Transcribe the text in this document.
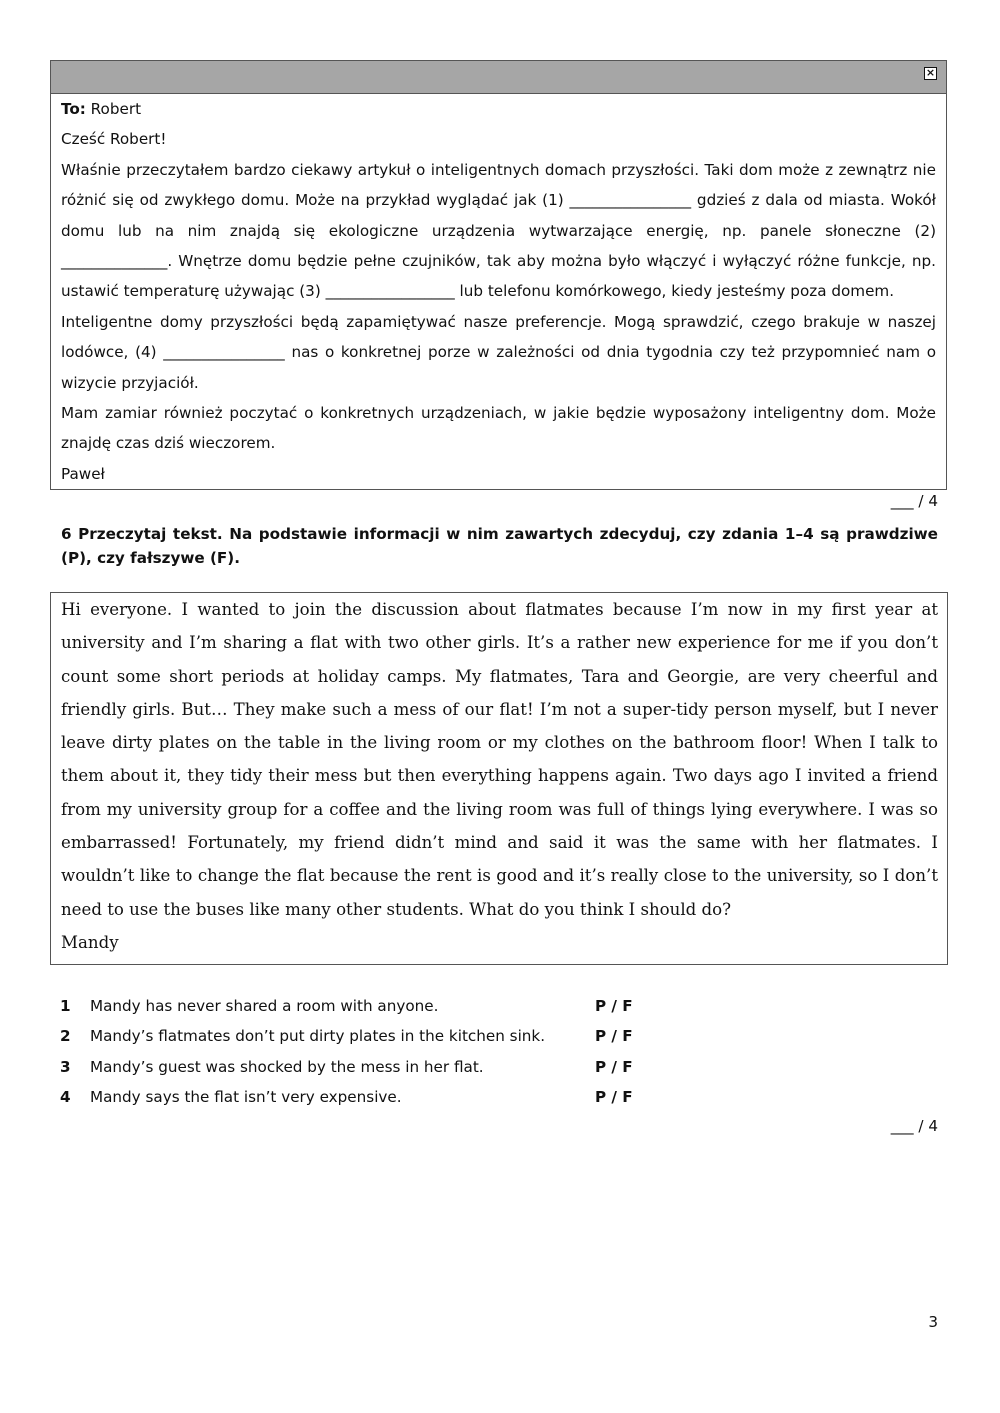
×

To: Robert

Cześć Robert!

Właśnie przeczytałem bardzo ciekawy artykuł o inteligentnych domach przyszłości. Taki dom może z zewnątrz nie różnić się od zwykłego domu. Może na przykład wyglądać jak (1) ________________ gdzieś z dala od miasta. Wokół domu lub na nim znajdą się ekologiczne urządzenia wytwarzające energię, np. panele słoneczne (2) ______________. Wnętrze domu będzie pełne czujników, tak aby można było włączyć i wyłączyć różne funkcje, np. ustawić temperaturę używając (3) _________________ lub telefonu komórkowego, kiedy jesteśmy poza domem.

Inteligentne domy przyszłości będą zapamiętywać nasze preferencje. Mogą sprawdzić, czego brakuje w naszej lodówce, (4) ________________ nas o konkretnej porze w zależności od dnia tygodnia czy też przypomnieć nam o wizycie przyjaciół.

Mam zamiar również poczytać o konkretnych urządzeniach, w jakie będzie wyposażony inteligentny dom. Może znajdę czas dziś wieczorem.

Paweł

___ / 4
6 Przeczytaj tekst. Na podstawie informacji w nim zawartych zdecyduj, czy zdania 1–4 są prawdziwe (P), czy fałszywe (F).

Hi everyone. I wanted to join the discussion about flatmates because I’m now in my first year at university and I’m sharing a flat with two other girls. It’s a rather new experience for me if you don’t count some short periods at holiday camps. My flatmates, Tara and Georgie, are very cheerful and friendly girls. But… They make such a mess of our flat! I’m not a super-tidy person myself, but I never leave dirty plates on the table in the living room or my clothes on the bathroom floor! When I talk to them about it, they tidy their mess but then everything happens again. Two days ago I invited a friend from my university group for a coffee and the living room was full of things lying everywhere. I was so embarrassed! Fortunately, my friend didn’t mind and said it was the same with her flatmates. I wouldn’t like to change the flat because the rent is good and it’s really close to the university, so I don’t need to use the buses like many other students. What do you think I should do?

Mandy

1 Mandy has never shared a room with anyone.	P / F
2 Mandy’s flatmates don’t put dirty plates in the kitchen sink.	P / F
3 Mandy’s guest was shocked by the mess in her flat.	P / F
4 Mandy says the flat isn’t very expensive.	P / F
___ / 4
3
